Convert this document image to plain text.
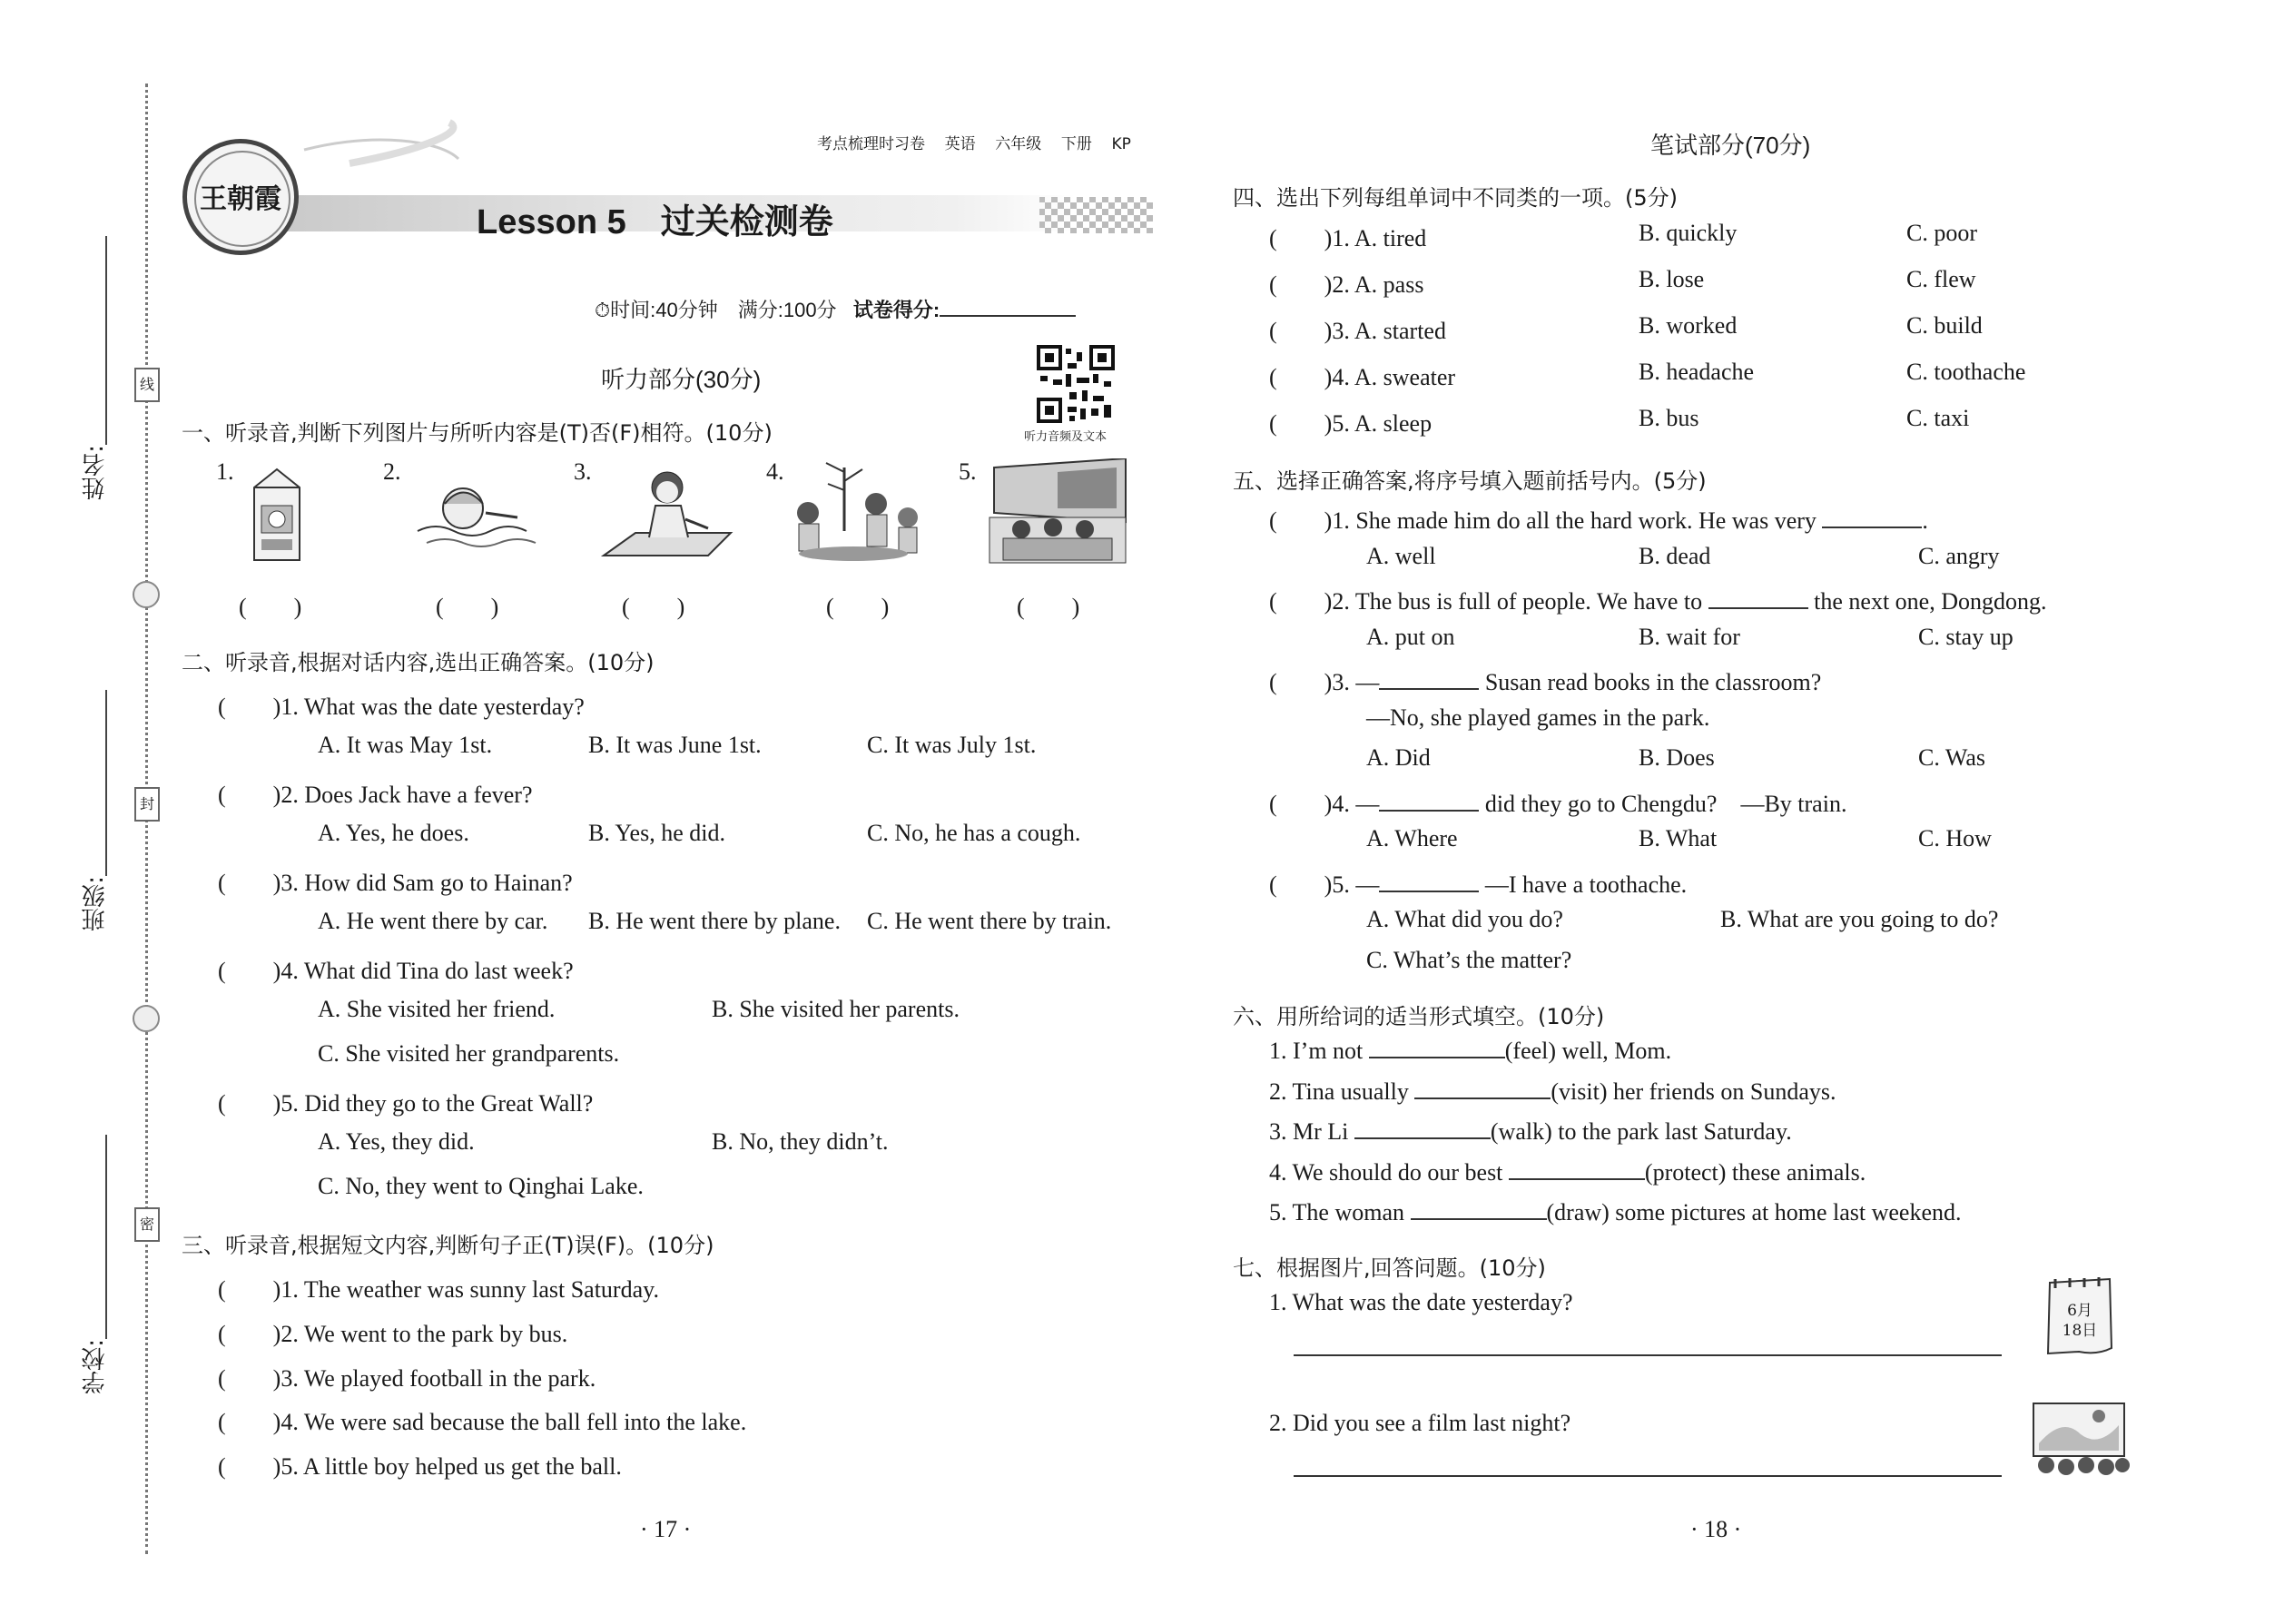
姓名:
班级:
学校:
线
封
密
王朝霞
Lesson 5　过关检测卷
考点梳理时习卷 英语 六年级 下册 KP
⏱时间:40分钟　满分:100分 试卷得分:
听力部分(30分)
听力音频及文本
一、听录音,判断下列图片与所听内容是(T)否(F)相符。(10分)
1.	2.	3.	4.	5.
(　　)	(　　)	(　　)	(　　)	(　　)
二、听录音,根据对话内容,选出正确答案。(10分)
(　　)1. What was the date yesterday?
A. It was May 1st.	B. It was June 1st.	C. It was July 1st.
(　　)2. Does Jack have a fever?
A. Yes, he does.	B. Yes, he did.	C. No, he has a cough.
(　　)3. How did Sam go to Hainan?
A. He went there by car. B. He went there by plane. C. He went there by train.
(　　)4. What did Tina do last week?
A. She visited her friend.	B. She visited her parents.
C. She visited her grandparents.
(　　)5. Did they go to the Great Wall?
A. Yes, they did.	B. No, they didn’t.
C. No, they went to Qinghai Lake.
三、听录音,根据短文内容,判断句子正(T)误(F)。(10分)
(　　)1. The weather was sunny last Saturday.
(　　)2. We went to the park by bus.
(　　)3. We played football in the park.
(　　)4. We were sad because the ball fell into the lake.
(　　)5. A little boy helped us get the ball.
· 17 ·
笔试部分(70分)
四、选出下列每组单词中不同类的一项。(5分)
(　　)1. A. tired	B. quickly	C. poor
(　　)2. A. pass	B. lose	C. flew
(　　)3. A. started	B. worked	C. build
(　　)4. A. sweater	B. headache	C. toothache
(　　)5. A. sleep	B. bus	C. taxi
五、选择正确答案,将序号填入题前括号内。(5分)
(　　)1. She made him do all the hard work. He was very	.
A. well	B. dead	C. angry
(　　)2. The bus is full of people. We have to	the next one, Dongdong.
A. put on	B. wait for	C. stay up
(　　)3. —	Susan read books in the classroom?
—No, she played games in the park.
A. Did	B. Does	C. Was
(　　)4. —	did they go to Chengdu?　—By train.
A. Where	B. What	C. How
(　　)5. —	—I have a toothache.
A. What did you do?	B. What are you going to do?
C. What’s the matter?
六、用所给词的适当形式填空。(10分)
1. I’m not	(feel) well, Mom.
2. Tina usually	(visit) her friends on Sundays.
3. Mr Li	(walk) to the park last Saturday.
4. We should do our best	(protect) these animals.
5. The woman	(draw) some pictures at home last weekend.
七、根据图片,回答问题。(10分)
1. What was the date yesterday?	6月
18日
2. Did you see a film last night?
· 18 ·
